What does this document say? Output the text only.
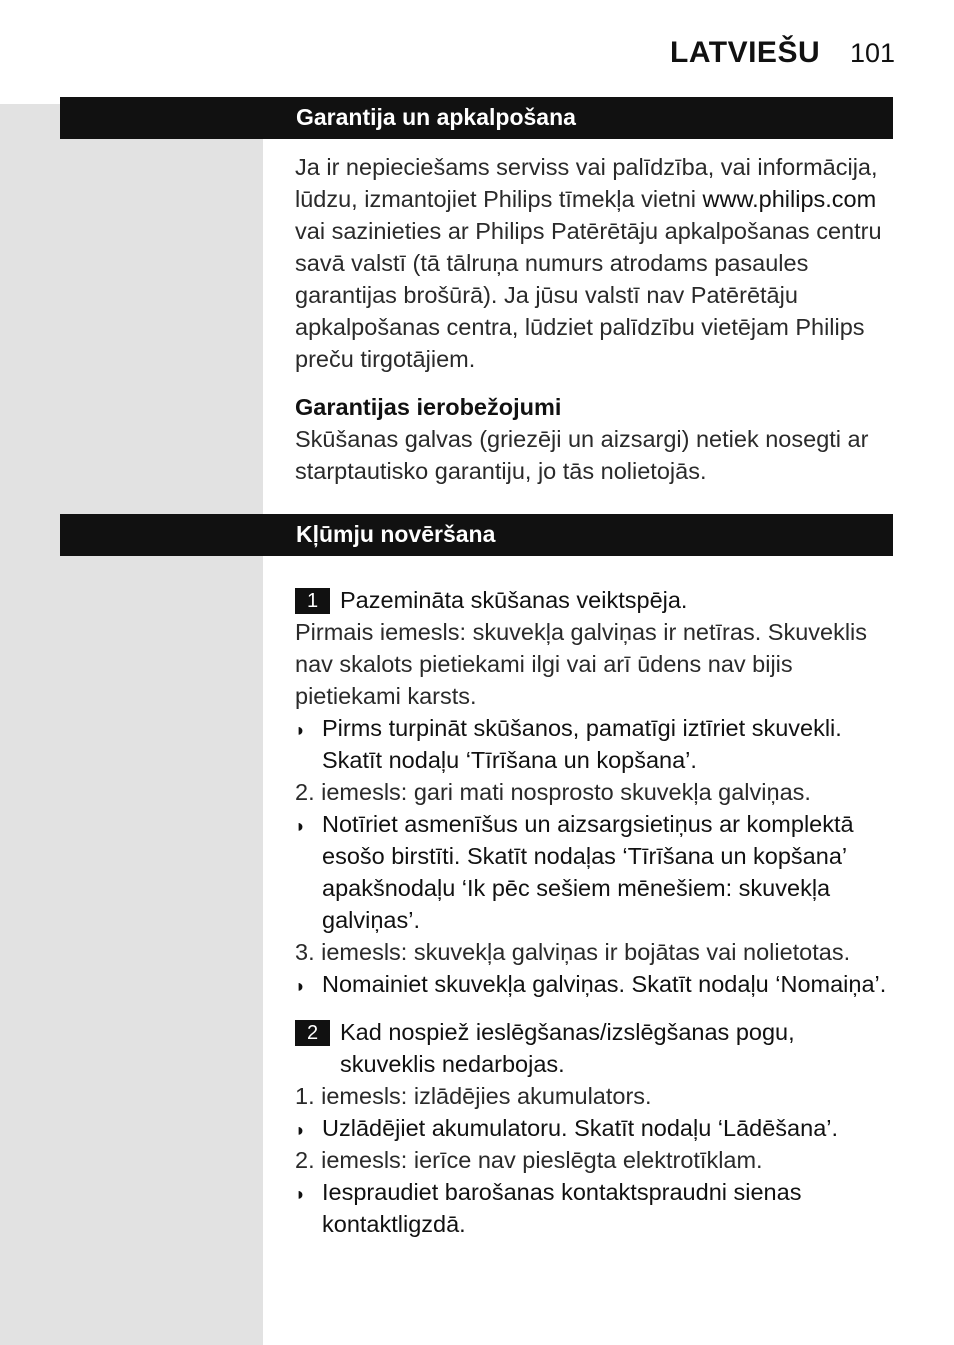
LATVIEŠU 101
Garantija un apkalpošana

Ja ir nepieciešams serviss vai palīdzība, vai informācija, lūdzu, izmantojiet Philips tīmekļa vietni www.philips.com vai sazinieties ar Philips Patērētāju apkalpošanas centru savā valstī (tā tālruņa numurs atrodams pasaules garantijas brošūrā). Ja jūsu valstī nav Patērētāju apkalpošanas centra, lūdziet palīdzību vietējam Philips preču tirgotājiem.

Garantijas ierobežojumi

Skūšanas galvas (griezēji un aizsargi) netiek nosegti ar starptautisko garantiju, jo tās nolietojās.

Kļūmju novēršana
1 Pazemināta skūšanas veiktspēja.

Pirmais iemesls: skuvekļa galviņas ir netīras. Skuveklis nav skalots pietiekami ilgi vai arī ūdens nav bijis pietiekami karsts.

◗ Pirms turpināt skūšanos, pamatīgi iztīriet skuvekli. Skatīt nodaļu ‘Tīrīšana un kopšana’.

2. iemesls: gari mati nosprosto skuvekļa galviņas.

◗ Notīriet asmenīšus un aizsargsietiņus ar komplektā esošo birstīti. Skatīt nodaļas ‘Tīrīšana un kopšana’ apakšnodaļu ‘Ik pēc sešiem mēnešiem: skuvekļa galviņas’.

3. iemesls: skuvekļa galviņas ir bojātas vai nolietotas.

◗ Nomainiet skuvekļa galviņas. Skatīt nodaļu ‘Nomaiņa’.
2 Kad nospiež ieslēgšanas/izslēgšanas pogu, skuveklis nedarbojas.

1. iemesls: izlādējies akumulators.

◗ Uzlādējiet akumulatoru. Skatīt nodaļu ‘Lādēšana’.

2. iemesls: ierīce nav pieslēgta elektrotīklam.

◗ Iespraudiet barošanas kontaktspraudni sienas kontaktligzdā.
